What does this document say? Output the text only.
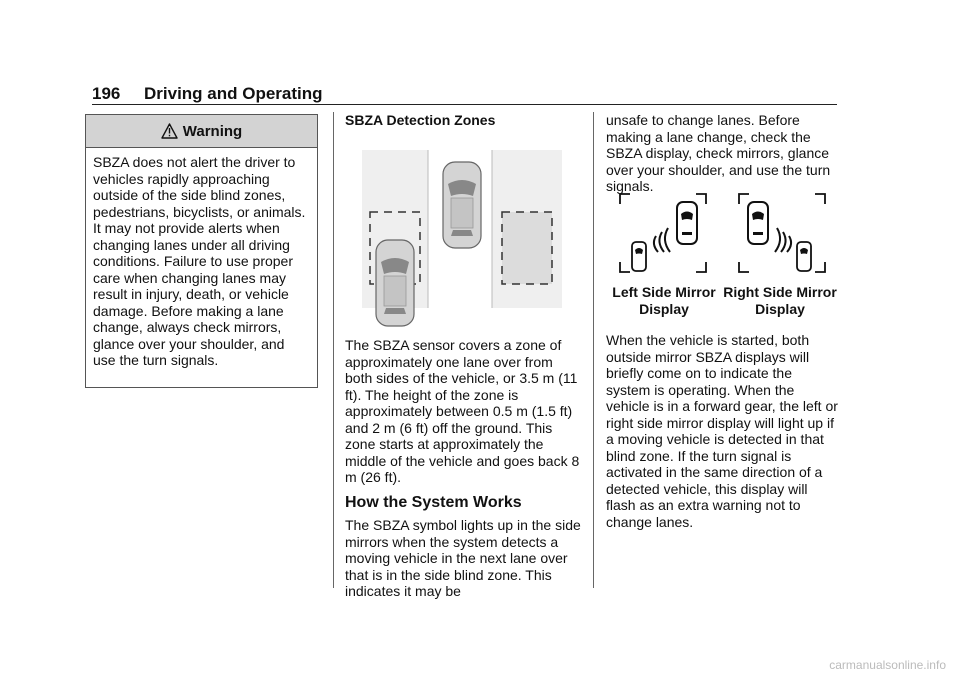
196 Driving and Operating
Warning
SBZA does not alert the driver to vehicles rapidly approaching outside of the side blind zones, pedestrians, bicyclists, or animals. It may not provide alerts when changing lanes under all driving conditions. Failure to use proper care when changing lanes may result in injury, death, or vehicle damage. Before making a lane change, always check mirrors, glance over your shoulder, and use the turn signals.

SBZA Detection Zones

The SBZA sensor covers a zone of approximately one lane over from both sides of the vehicle, or 3.5 m (11 ft). The height of the zone is approximately between 0.5 m (1.5 ft) and 2 m (6 ft) off the ground. This zone starts at approximately the middle of the vehicle and goes back 8 m (26 ft).

How the System Works

The SBZA symbol lights up in the side mirrors when the system detects a moving vehicle in the next lane over that is in the side blind zone. This indicates it may be

unsafe to change lanes. Before making a lane change, check the SBZA display, check mirrors, glance over your shoulder, and use the turn signals.

Left Side Mirror Display
Right Side Mirror Display

When the vehicle is started, both outside mirror SBZA displays will briefly come on to indicate the system is operating. When the vehicle is in a forward gear, the left or right side mirror display will light up if a moving vehicle is detected in that blind zone. If the turn signal is activated in the same direction of a detected vehicle, this display will flash as an extra warning not to change lanes.

carmanualsonline.info
